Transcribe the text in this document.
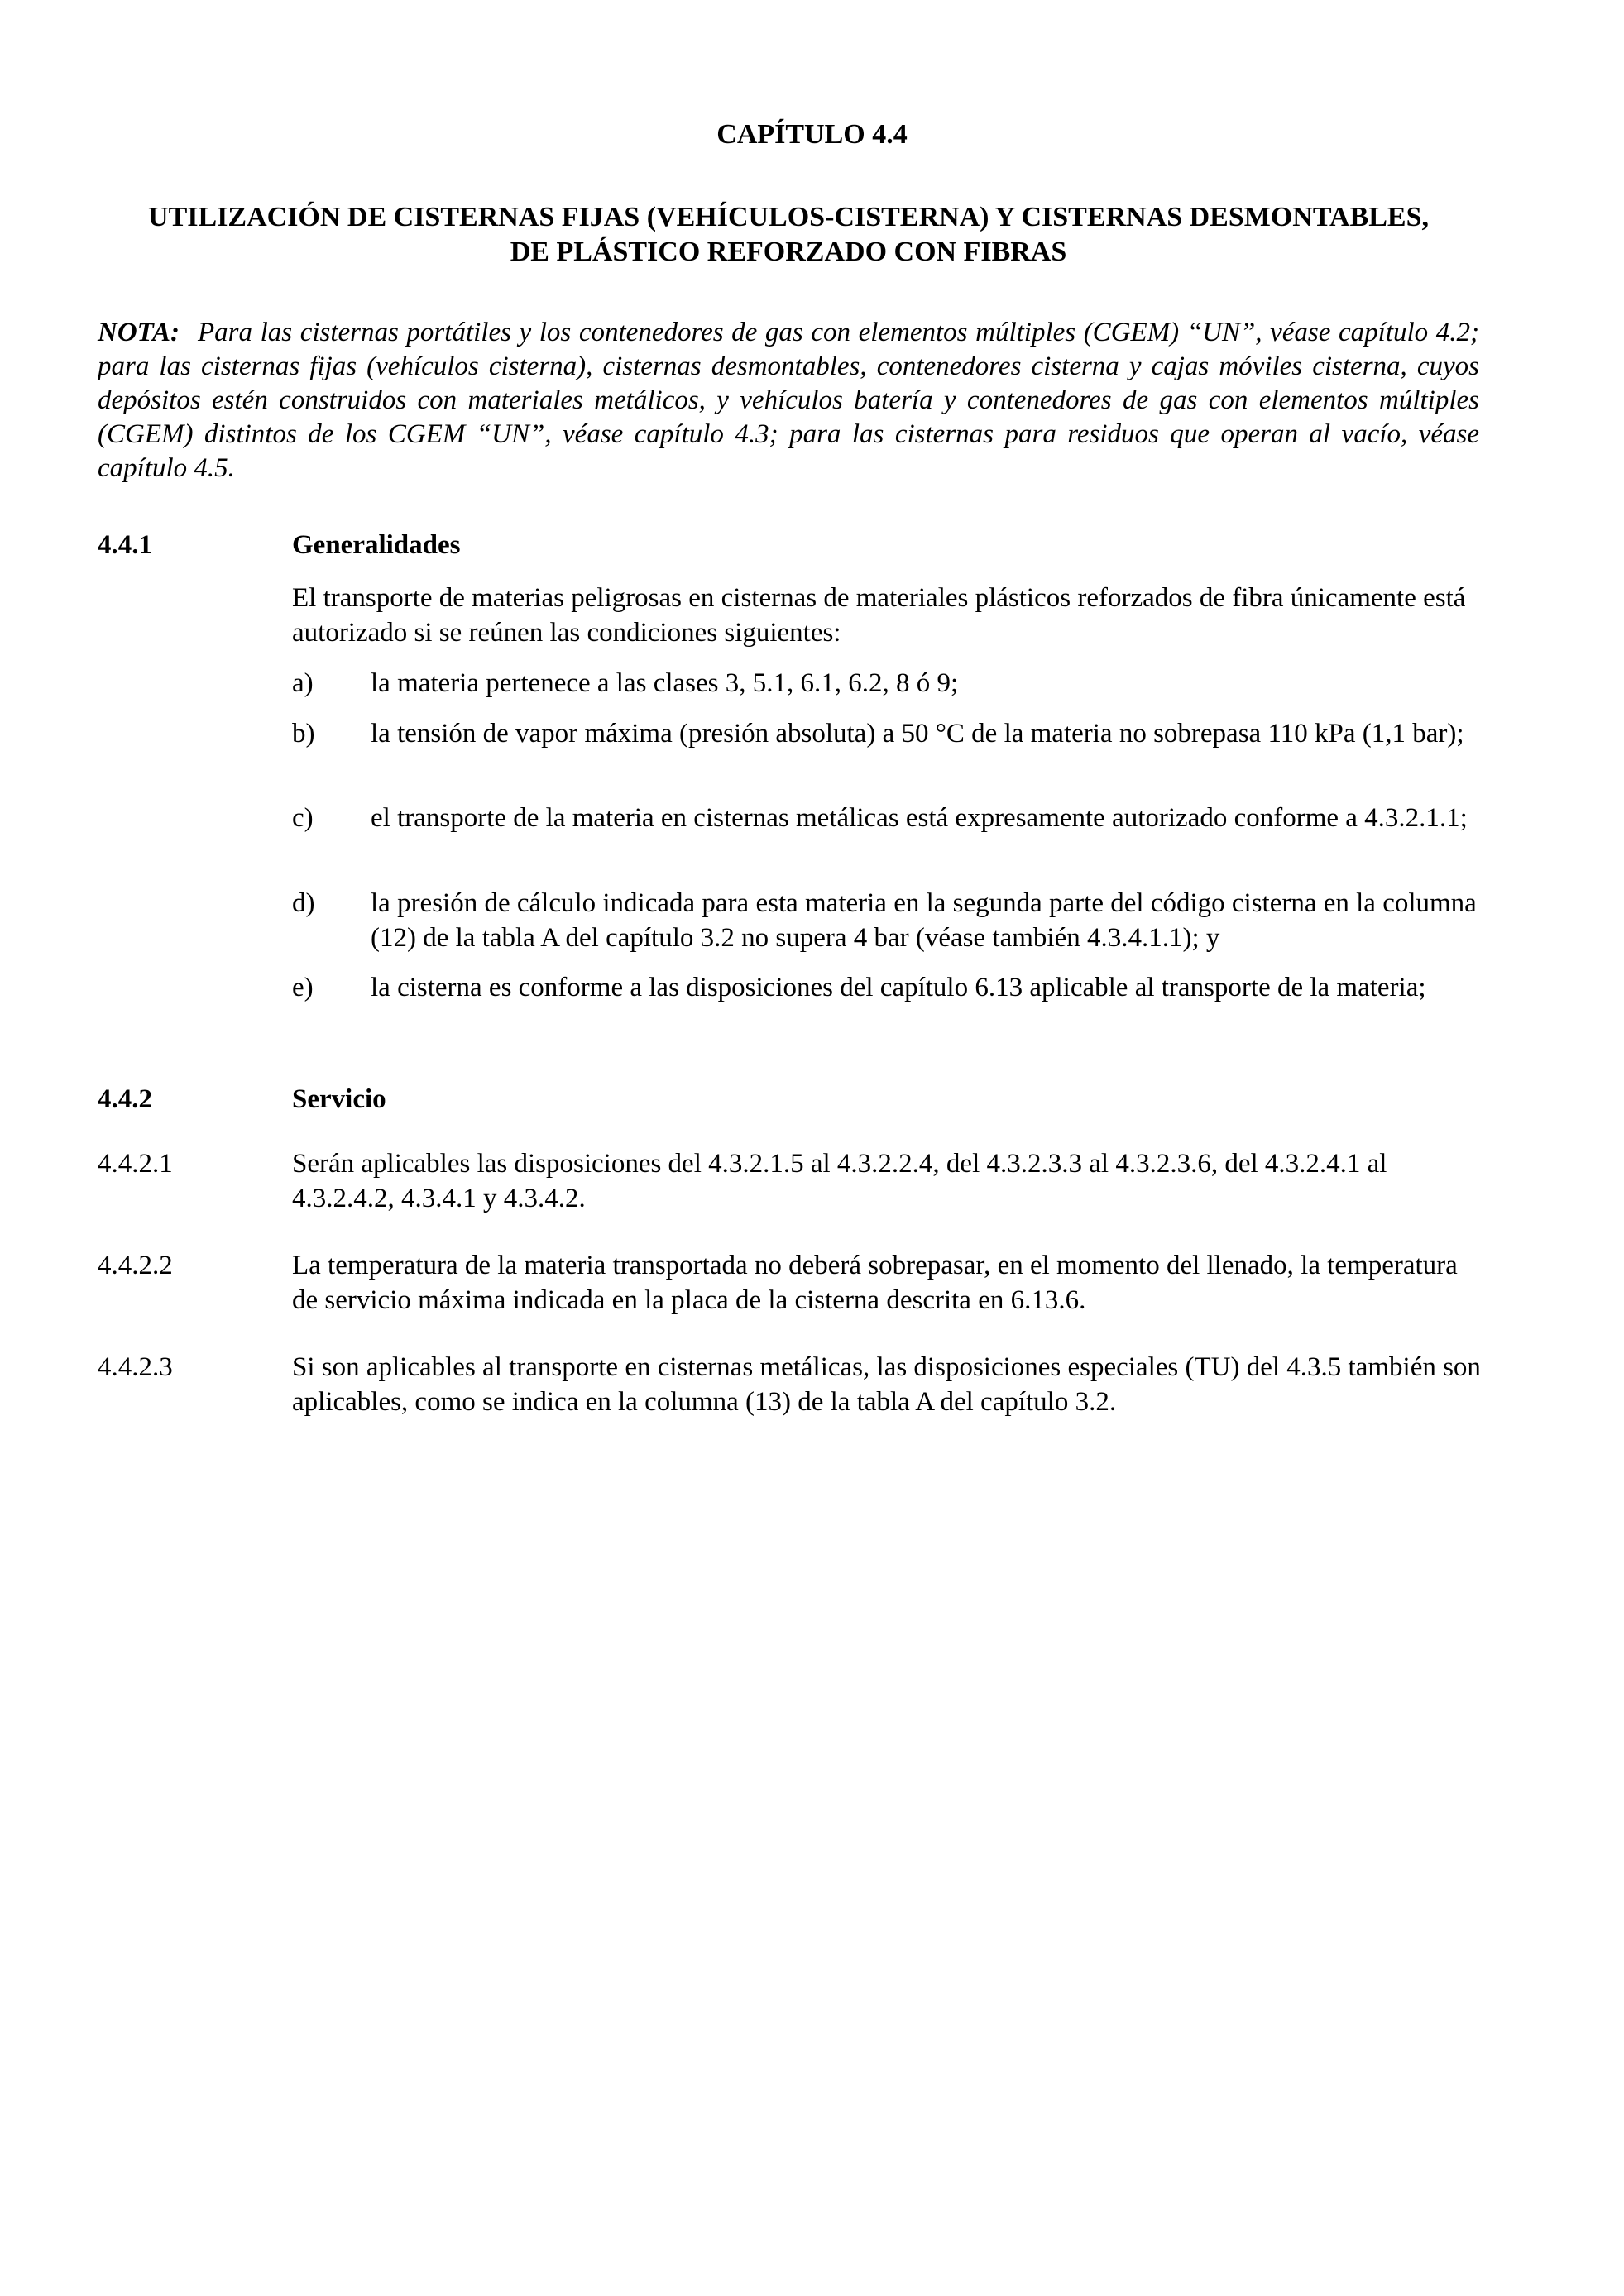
CAPÍTULO 4.4
UTILIZACIÓN DE CISTERNAS FIJAS (VEHÍCULOS-CISTERNA) Y CISTERNAS DESMONTABLES,
DE PLÁSTICO REFORZADO CON FIBRAS
NOTA: Para las cisternas portátiles y los contenedores de gas con elementos múltiples (CGEM) “UN”, véase capítulo 4.2; para las cisternas fijas (vehículos cisterna), cisternas desmontables, contenedores cisterna y cajas móviles cisterna, cuyos depósitos estén construidos con materiales metálicos, y vehículos batería y contenedores de gas con elementos múltiples (CGEM) distintos de los CGEM “UN”, véase capítulo 4.3; para las cisternas para residuos que operan al vacío, véase capítulo 4.5.
4.4.1	Generalidades
El transporte de materias peligrosas en cisternas de materiales plásticos reforzados de fibra únicamente está autorizado si se reúnen las condiciones siguientes:
a) la materia pertenece a las clases 3, 5.1, 6.1, 6.2, 8 ó 9;
b) la tensión de vapor máxima (presión absoluta) a 50 °C de la materia no sobrepasa 110 kPa (1,1 bar);
c) el transporte de la materia en cisternas metálicas está expresamente autorizado conforme a 4.3.2.1.1;
d) la presión de cálculo indicada para esta materia en la segunda parte del código cisterna en la columna (12) de la tabla A del capítulo 3.2 no supera 4 bar (véase también 4.3.4.1.1); y
e) la cisterna es conforme a las disposiciones del capítulo 6.13 aplicable al transporte de la materia;
4.4.2	Servicio
4.4.2.1	Serán aplicables las disposiciones del 4.3.2.1.5 al 4.3.2.2.4, del 4.3.2.3.3 al 4.3.2.3.6, del 4.3.2.4.1 al 4.3.2.4.2, 4.3.4.1 y 4.3.4.2.
4.4.2.2	La temperatura de la materia transportada no deberá sobrepasar, en el momento del llenado, la temperatura de servicio máxima indicada en la placa de la cisterna descrita en 6.13.6.
4.4.2.3	Si son aplicables al transporte en cisternas metálicas, las disposiciones especiales (TU) del 4.3.5 también son aplicables, como se indica en la columna (13) de la tabla A del capítulo 3.2.
